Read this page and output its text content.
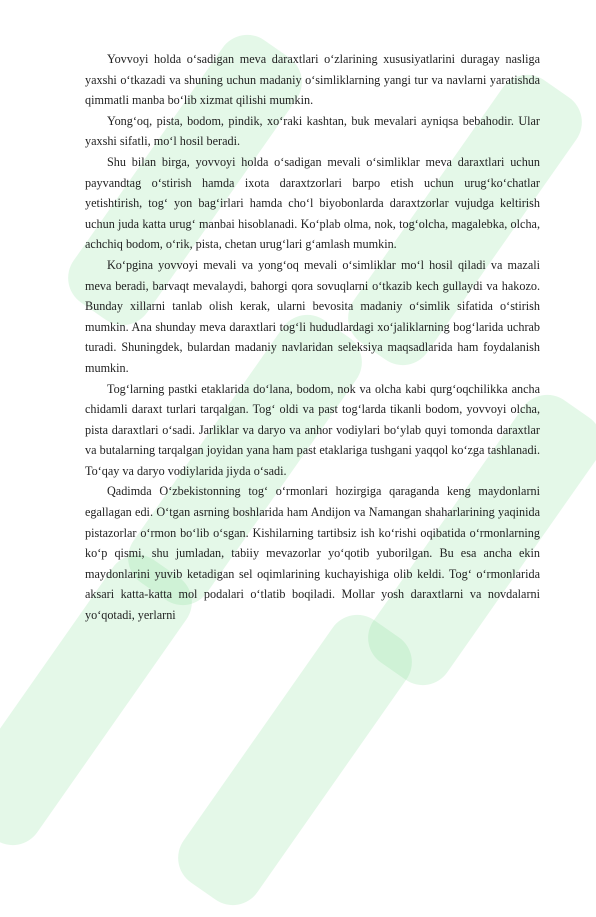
Yovvoyi holda o‘sadigan meva daraxtlari o‘zlarining xususiyatlarini duragay nasliga yaxshi o‘tkazadi va shuning uchun madaniy o‘simliklarning yangi tur va navlarni yaratishda qimmatli manba bo‘lib xizmat qilishi mumkin.

Yong‘oq, pista, bodom, pindik, xo‘raki kashtan, buk mevalari ayniqsa bebahodir. Ular yaxshi sifatli, mo‘l hosil beradi.

Shu bilan birga, yovvoyi holda o‘sadigan mevali o‘simliklar meva daraxtlari uchun payvandtag o‘stirish hamda ixota daraxtzorlari barpo etish uchun urug‘ko‘chatlar yetishtirish, tog‘ yon bag‘irlari hamda cho‘l biyobonlarda daraxtzorlar vujudga keltirish uchun juda katta urug‘ manbai hisoblanadi. Ko‘plab olma, nok, tog‘olcha, magalebka, olcha, achchiq bodom, o‘rik, pista, chetan urug‘lari g‘amlash mumkin.

Ko‘pgina yovvoyi mevali va yong‘oq mevali o‘simliklar mo‘l hosil qiladi va mazali meva beradi, barvaqt mevalaydi, bahorgi qora sovuqlarni o‘tkazib kech gullaydi va hakozo. Bunday xillarni tanlab olish kerak, ularni bevosita madaniy o‘simlik sifatida o‘stirish mumkin. Ana shunday meva daraxtlari tog‘li hududlardagi xo‘jaliklarning bog‘larida uchrab turadi. Shuningdek, bulardan madaniy navlaridan seleksiya maqsadlarida ham foydalanish mumkin.

Tog‘larning pastki etaklarida do‘lana, bodom, nok va olcha kabi qurg‘oqchilikka ancha chidamli daraxt turlari tarqalgan. Tog‘ oldi va past tog‘larda tikanli bodom, yovvoyi olcha, pista daraxtlari o‘sadi. Jarliklar va daryo va anhor vodiylari bo‘ylab quyi tomonda daraxtlar va butalarning tarqalgan joyidan yana ham past etaklariga tushgani yaqqol ko‘zga tashlanadi. To‘qay va daryo vodiylarida jiyda o‘sadi.

Qadimda O‘zbekistonning tog‘ o‘rmonlari hozirgiga qaraganda keng maydonlarni egallagan edi. O‘tgan asrning boshlarida ham Andijon va Namangan shaharlarining yaqinida pistazorlar o‘rmon bo‘lib o‘sgan. Kishilarning tartibsiz ish ko‘rishi oqibatida o‘rmonlarning ko‘p qismi, shu jumladan, tabiiy mevazorlar yo‘qotib yuborilgan. Bu esa ancha ekin maydonlarini yuvib ketadigan sel oqimlarining kuchayishiga olib keldi. Tog‘ o‘rmonlarida aksari katta-katta mol podalari o‘tlatib boqiladi. Mollar yosh daraxtlarni va novdalarni yo‘qotadi, yerlarni
